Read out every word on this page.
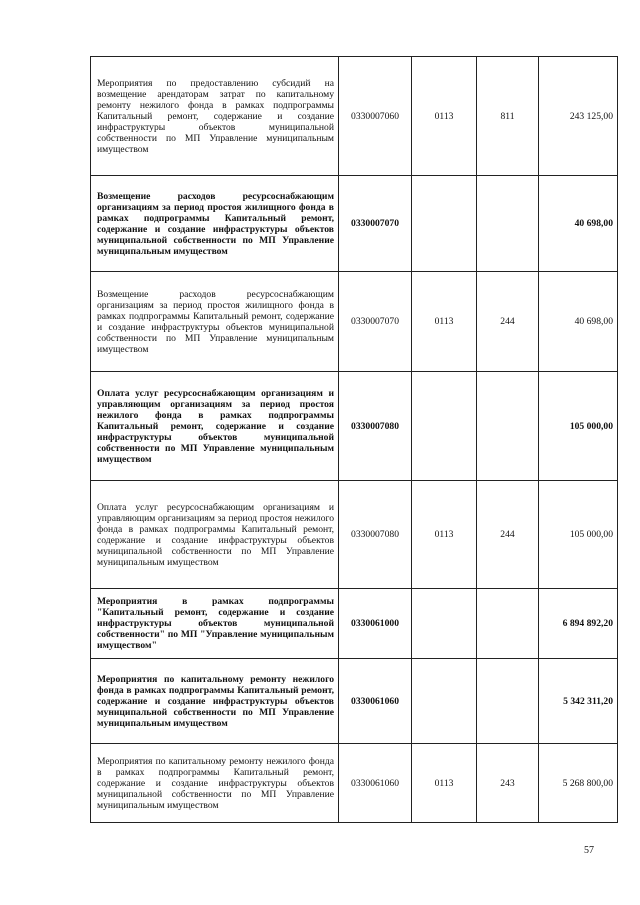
Мероприятия по предоставлению субсидий на возмещение арендаторам затрат по капитальному ремонту нежилого фонда в рамках подпрограммы Капитальный ремонт, содержание и создание инфраструктуры объектов муниципальной собственности по МП Управление муниципальным имуществом	0330007060	0113	811	243 125,00
Возмещение расходов ресурсоснабжающим организациям за период простоя жилищного фонда в рамках подпрограммы Капитальный ремонт, содержание и создание инфраструктуры объектов муниципальной собственности по МП Управление муниципальным имуществом	0330007070			40 698,00
Возмещение расходов ресурсоснабжающим организациям за период простоя жилищного фонда в рамках подпрограммы Капитальный ремонт, содержание и создание инфраструктуры объектов муниципальной собственности по МП Управление муниципальным имуществом	0330007070	0113	244	40 698,00
Оплата услуг ресурсоснабжающим организациям и управляющим организациям за период простоя нежилого фонда в рамках подпрограммы Капитальный ремонт, содержание и создание инфраструктуры объектов муниципальной собственности по МП Управление муниципальным имуществом	0330007080			105 000,00
Оплата услуг ресурсоснабжающим организациям и управляющим организациям за период простоя нежилого фонда в рамках подпрограммы Капитальный ремонт, содержание и создание инфраструктуры объектов муниципальной собственности по МП Управление муниципальным имуществом	0330007080	0113	244	105 000,00
Мероприятия в рамках подпрограммы "Капитальный ремонт, содержание и создание инфраструктуры объектов муниципальной собственности" по МП "Управление муниципальным имуществом"	0330061000			6 894 892,20
Мероприятия по капитальному ремонту нежилого фонда в рамках подпрограммы Капитальный ремонт, содержание и создание инфраструктуры объектов муниципальной собственности по МП Управление муниципальным имуществом	0330061060			5 342 311,20
Мероприятия по капитальному ремонту нежилого фонда в рамках подпрограммы Капитальный ремонт, содержание и создание инфраструктуры объектов муниципальной собственности по МП Управление муниципальным имуществом	0330061060	0113	243	5 268 800,00
57
